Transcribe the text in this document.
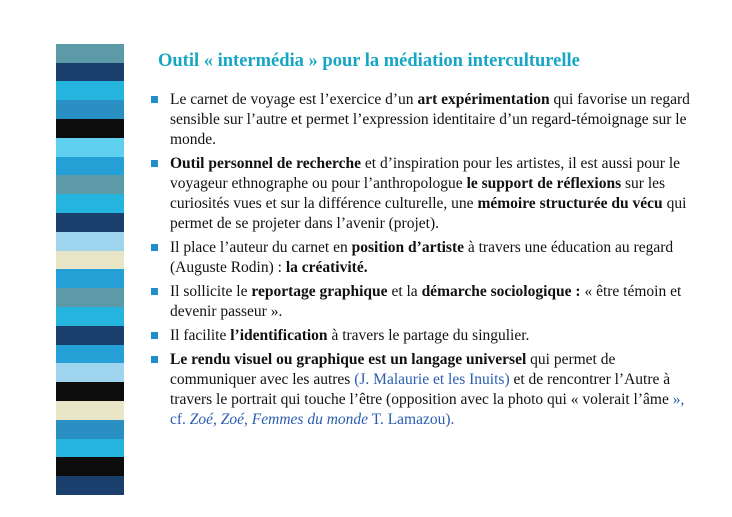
Outil « intermédia » pour la médiation interculturelle
Le carnet de voyage est l’exercice d’un art expérimentation qui favorise un regard sensible sur l’autre et permet l’expression identitaire d’un regard-témoignage sur le monde.
Outil personnel de recherche et d’inspiration pour les artistes, il est aussi pour le voyageur ethnographe ou pour l’anthropologue le support de réflexions sur les curiosités vues et sur la différence culturelle, une mémoire structurée du vécu qui permet de se projeter dans l’avenir (projet).
Il place l’auteur du carnet en position d’artiste à travers une éducation au regard (Auguste Rodin) : la créativité.
Il sollicite le reportage graphique et la démarche sociologique : « être témoin et devenir passeur ».
Il facilite l’identification à travers le partage du singulier.
Le rendu visuel ou graphique est un langage universel qui permet de communiquer avec les autres (J. Malaurie et les Inuits) et de rencontrer l’Autre à travers le portrait qui touche l’être (opposition avec la photo qui « volerait l’âme », cf. Zoé, Zoé, Femmes du monde T. Lamazou).
